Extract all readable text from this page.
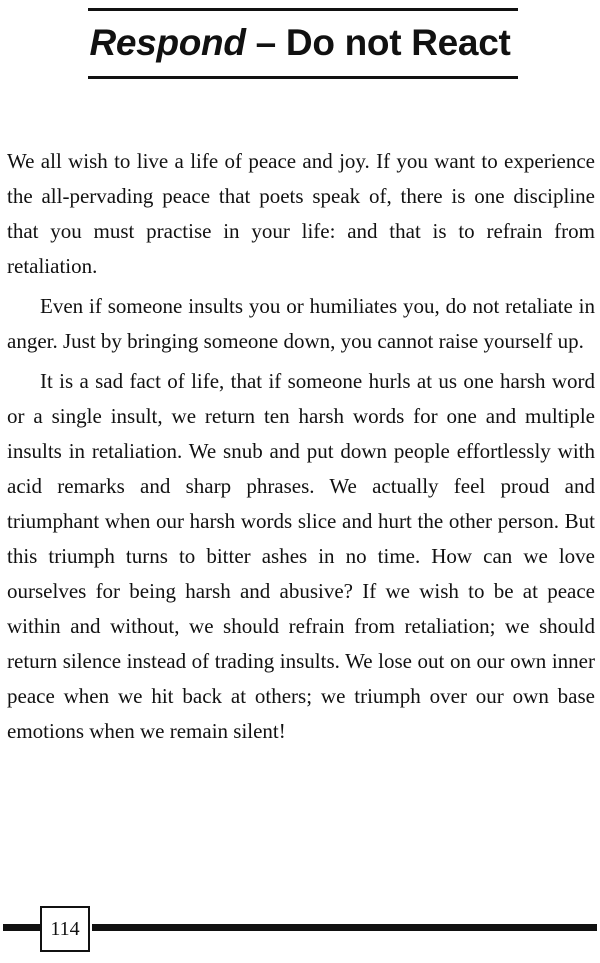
Respond – Do not React

We all wish to live a life of peace and joy. If you want to experience the all-pervading peace that poets speak of, there is one discipline that you must practise in your life: and that is to refrain from retaliation.

Even if someone insults you or humiliates you, do not retaliate in anger. Just by bringing someone down, you cannot raise yourself up.

It is a sad fact of life, that if someone hurls at us one harsh word or a single insult, we return ten harsh words for one and multiple insults in retaliation. We snub and put down people effortlessly with acid remarks and sharp phrases. We actually feel proud and triumphant when our harsh words slice and hurt the other person. But this triumph turns to bitter ashes in no time. How can we love ourselves for being harsh and abusive? If we wish to be at peace within and without, we should refrain from retaliation; we should return silence instead of trading insults. We lose out on our own inner peace when we hit back at others; we triumph over our own base emotions when we remain silent!

114
